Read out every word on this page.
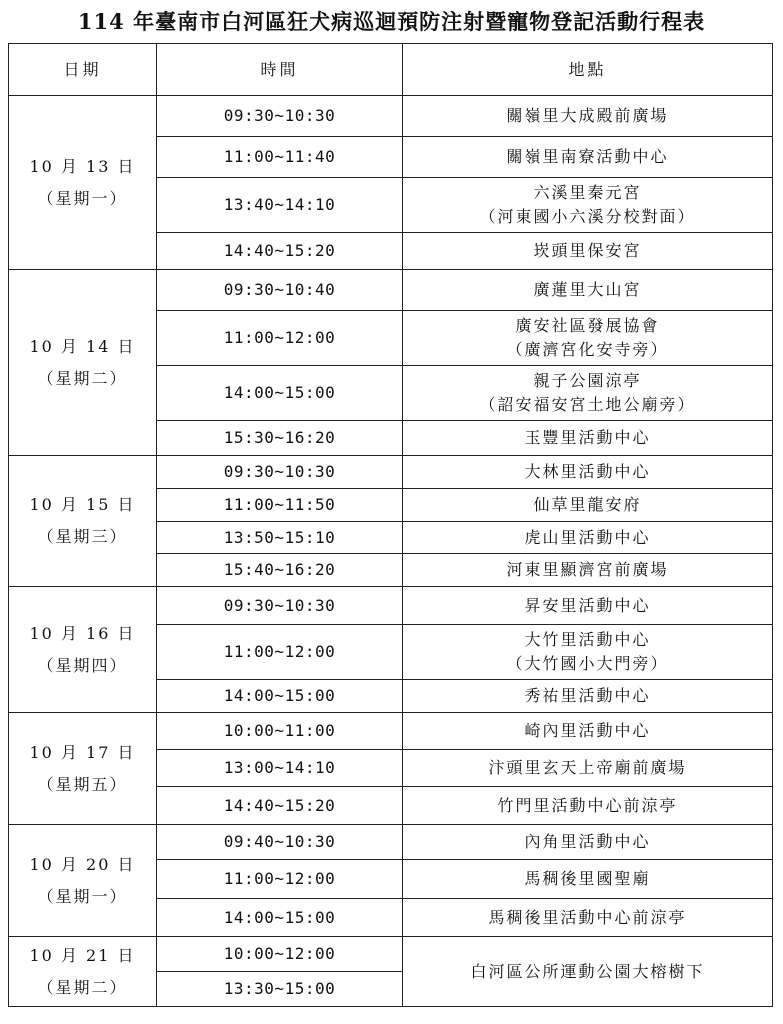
114 年臺南市白河區狂犬病巡迴預防注射暨寵物登記活動行程表
日期	時間	地點

10 月 13 日
（星期一）	09:30~10:30	關嶺里大成殿前廣場

	11:00~11:40	關嶺里南寮活動中心

	13:40~14:10	六溪里秦元宮
（河東國小六溪分校對面）

	14:40~15:20	崁頭里保安宮

10 月 14 日
（星期二）	09:30~10:40	廣蓮里大山宮

	11:00~12:00	廣安社區發展協會
（廣濟宮化安寺旁）

	14:00~15:00	親子公園涼亭
（詔安福安宮土地公廟旁）

	15:30~16:20	玉豐里活動中心

10 月 15 日
（星期三）	09:30~10:30	大林里活動中心

	11:00~11:50	仙草里龍安府

	13:50~15:10	虎山里活動中心

	15:40~16:20	河東里顯濟宮前廣場

10 月 16 日
（星期四）	09:30~10:30	昇安里活動中心

	11:00~12:00	大竹里活動中心
（大竹國小大門旁）

	14:00~15:00	秀祐里活動中心

10 月 17 日
（星期五）	10:00~11:00	崎內里活動中心

	13:00~14:10	汴頭里玄天上帝廟前廣場

	14:40~15:20	竹門里活動中心前涼亭

10 月 20 日
（星期一）	09:40~10:30	內角里活動中心

	11:00~12:00	馬稠後里國聖廟

	14:00~15:00	馬稠後里活動中心前涼亭

10 月 21 日
（星期二）	10:00~12:00	白河區公所運動公園大榕樹下

	13:30~15:00	
